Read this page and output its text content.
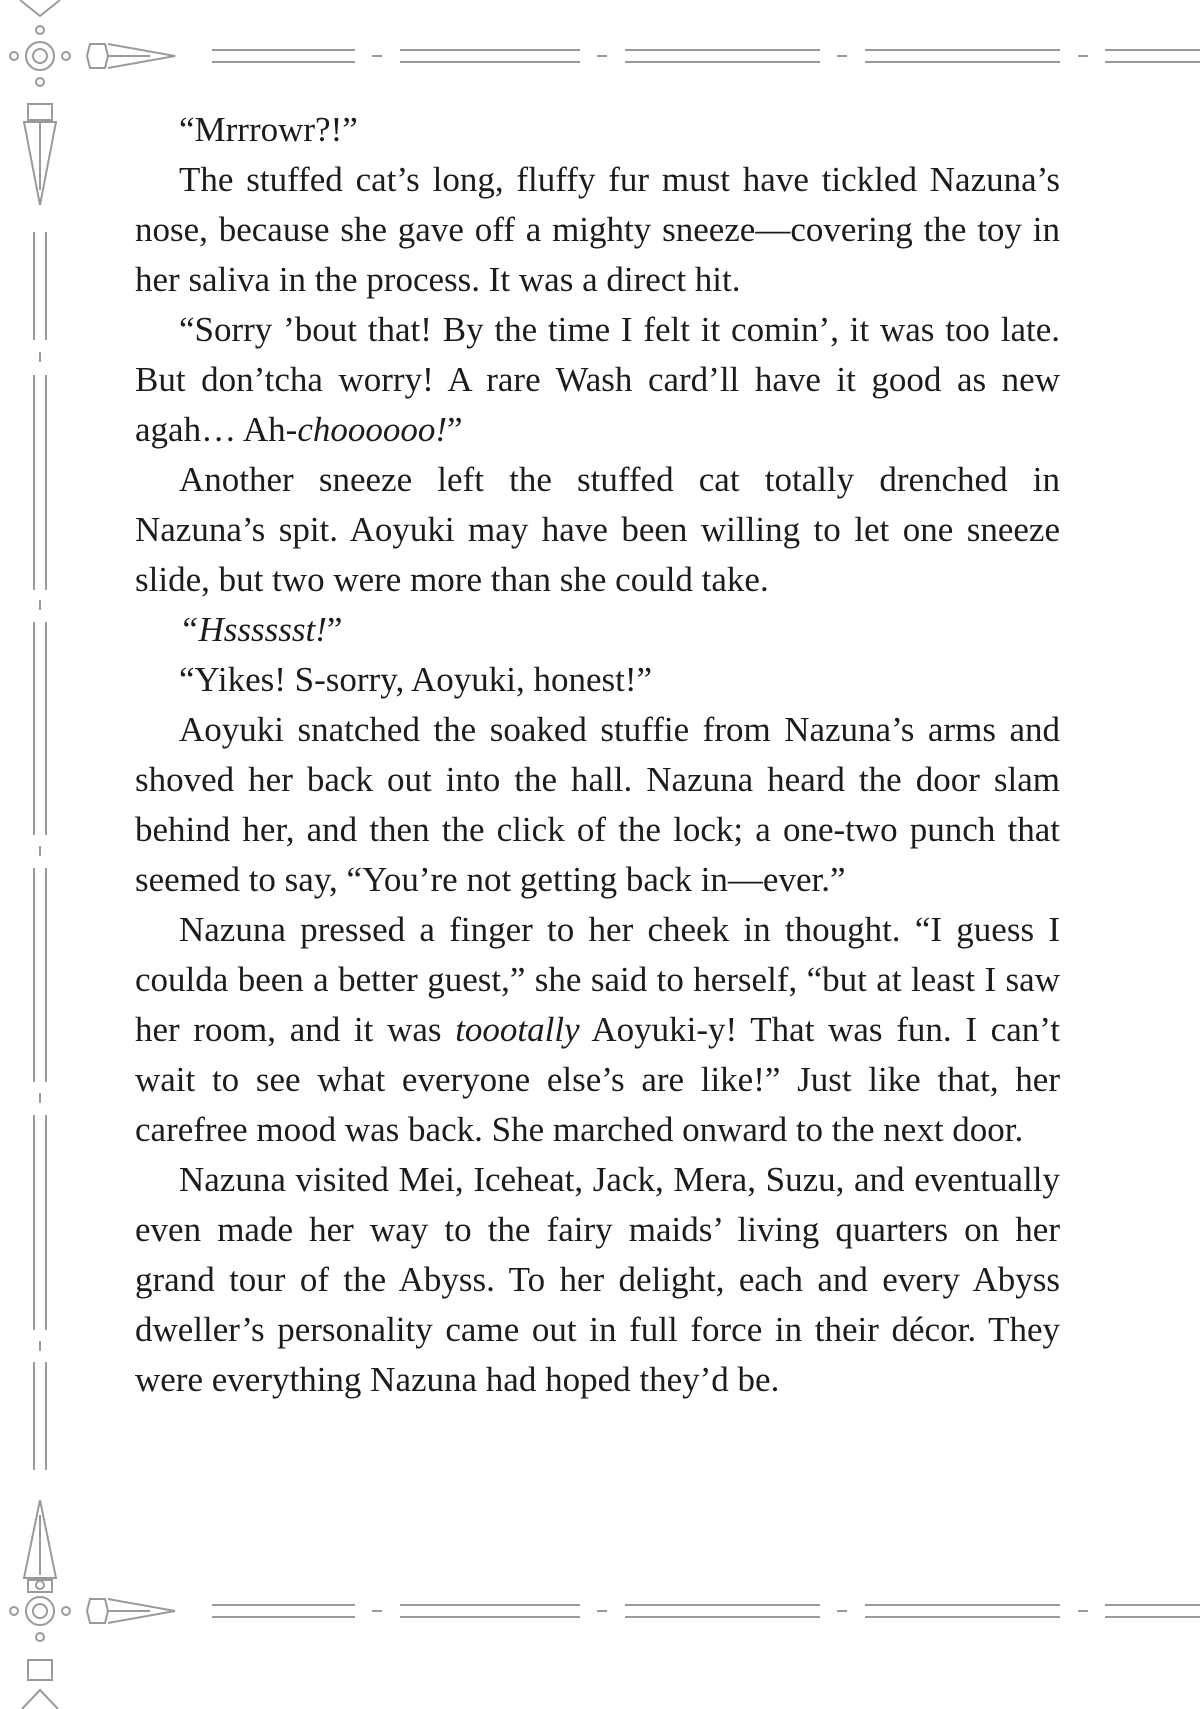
“Mrrrowr?!”

The stuffed cat’s long, fluffy fur must have tickled Nazuna’s nose, because she gave off a mighty sneeze—covering the toy in her saliva in the process. It was a direct hit.

“Sorry ’bout that! By the time I felt it comin’, it was too late. But don’tcha worry! A rare Wash card’ll have it good as new agah… Ah-choooooo!”

Another sneeze left the stuffed cat totally drenched in Nazuna’s spit. Aoyuki may have been willing to let one sneeze slide, but two were more than she could take.

“Hsssssst!”

“Yikes! S-sorry, Aoyuki, honest!”

Aoyuki snatched the soaked stuffie from Nazuna’s arms and shoved her back out into the hall. Nazuna heard the door slam behind her, and then the click of the lock; a one-two punch that seemed to say, “You’re not getting back in—ever.”

Nazuna pressed a finger to her cheek in thought. “I guess I coulda been a better guest,” she said to herself, “but at least I saw her room, and it was toootally Aoyuki-y! That was fun. I can’t wait to see what everyone else’s are like!” Just like that, her carefree mood was back. She marched onward to the next door.

Nazuna visited Mei, Iceheat, Jack, Mera, Suzu, and eventually even made her way to the fairy maids’ living quarters on her grand tour of the Abyss. To her delight, each and every Abyss dweller’s personality came out in full force in their décor. They were everything Nazuna had hoped they’d be.
